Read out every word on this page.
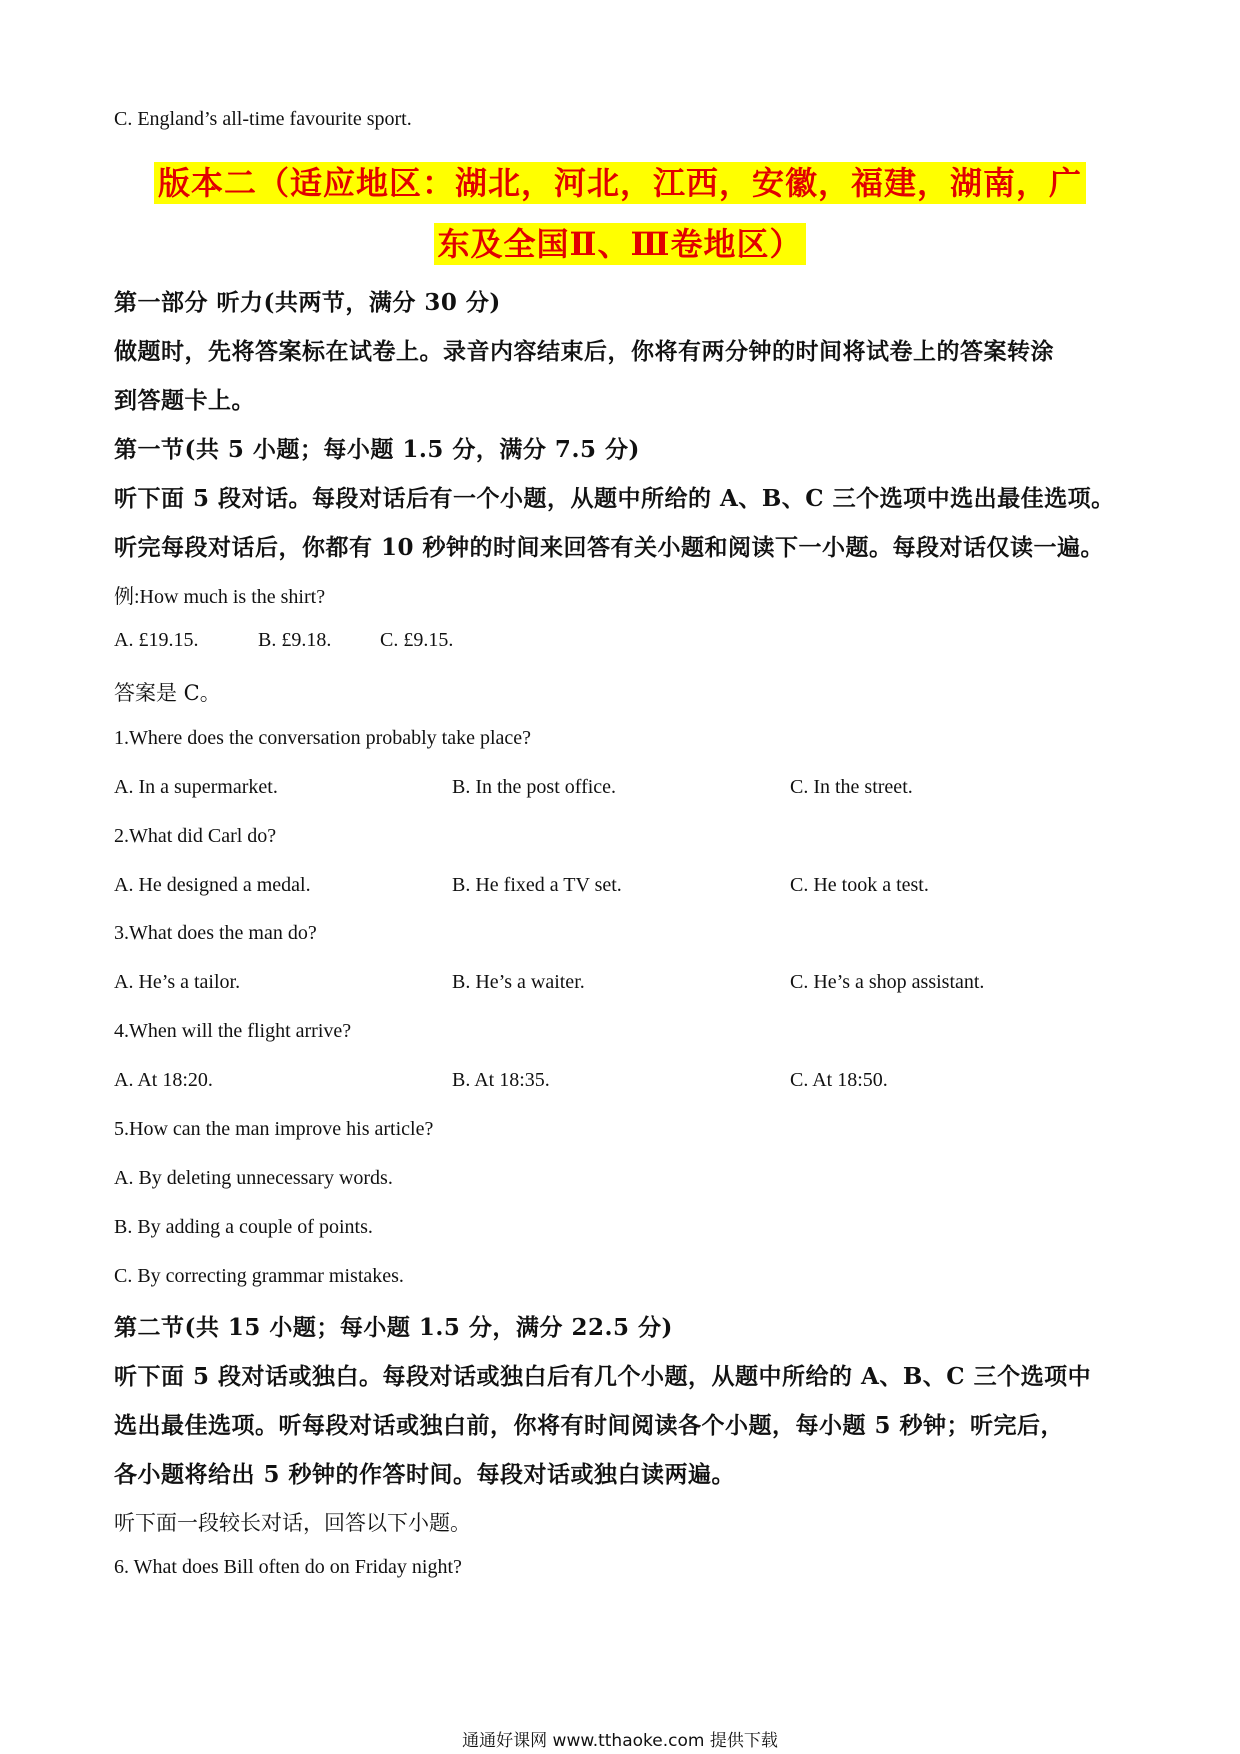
C. England’s all-time favourite sport.
版本二（适应地区：湖北，河北，江西，安徽，福建，湖南，广
东及全国Ⅱ、Ⅲ卷地区）
第一部分 听力(共两节，满分 30 分)
做题时，先将答案标在试卷上。录音内容结束后，你将有两分钟的时间将试卷上的答案转涂
到答题卡上。
第一节(共 5 小题；每小题 1.5 分，满分 7.5 分)
听下面 5 段对话。每段对话后有一个小题，从题中所给的 A、B、C 三个选项中选出最佳选项。
听完每段对话后，你都有 10 秒钟的时间来回答有关小题和阅读下一小题。每段对话仅读一遍。
例:How much is the shirt?
A. £19.15.	B. £9.18. C. £9.15.
答案是 C。
1.Where does the conversation probably take place?
A. In a supermarket.	B. In the post office.	C. In the street.
2.What did Carl do?
A. He designed a medal.	B. He fixed a TV set.	C. He took a test.
3.What does the man do?
A. He’s a tailor.	B. He’s a waiter.	C. He’s a shop assistant.
4.When will the flight arrive?
A. At 18:20.	B. At 18:35.	C. At 18:50.
5.How can the man improve his article?
A. By deleting unnecessary words.
B. By adding a couple of points.
C. By correcting grammar mistakes.
第二节(共 15 小题；每小题 1.5 分，满分 22.5 分)
听下面 5 段对话或独白。每段对话或独白后有几个小题，从题中所给的 A、B、C 三个选项中
选出最佳选项。听每段对话或独白前，你将有时间阅读各个小题，每小题 5 秒钟；听完后，
各小题将给出 5 秒钟的作答时间。每段对话或独白读两遍。
听下面一段较长对话，回答以下小题。
6. What does Bill often do on Friday night?
通通好课网 www.tthaoke.com 提供下载
